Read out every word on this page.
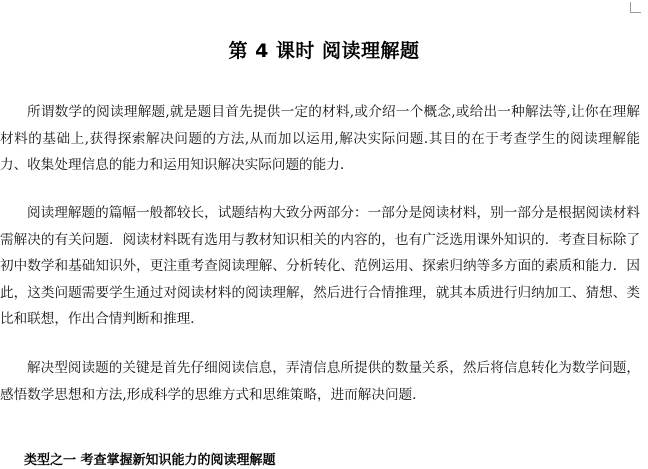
第 4 课时 阅读理解题

所谓数学的阅读理解题,就是题目首先提供一定的材料,或介绍一个概念,或给出一种解法等,让你在理解材料的基础上,获得探索解决问题的方法,从而加以运用,解决实际问题.其目的在于考查学生的阅读理解能力、收集处理信息的能力和运用知识解决实际问题的能力.

阅读理解题的篇幅一般都较长，试题结构大致分两部分：一部分是阅读材料，别一部分是根据阅读材料需解决的有关问题．阅读材料既有选用与教材知识相关的内容的，也有广泛选用课外知识的．考查目标除了初中数学和基础知识外，更注重考查阅读理解、分析转化、范例运用、探索归纳等多方面的素质和能力．因此，这类问题需要学生通过对阅读材料的阅读理解，然后进行合情推理，就其本质进行归纳加工、猜想、类比和联想，作出合情判断和推理．

解决型阅读题的关键是首先仔细阅读信息，弄清信息所提供的数量关系，然后将信息转化为数学问题，感悟数学思想和方法,形成科学的思维方式和思维策略，进而解决问题.

类型之一 考查掌握新知识能力的阅读理解题
